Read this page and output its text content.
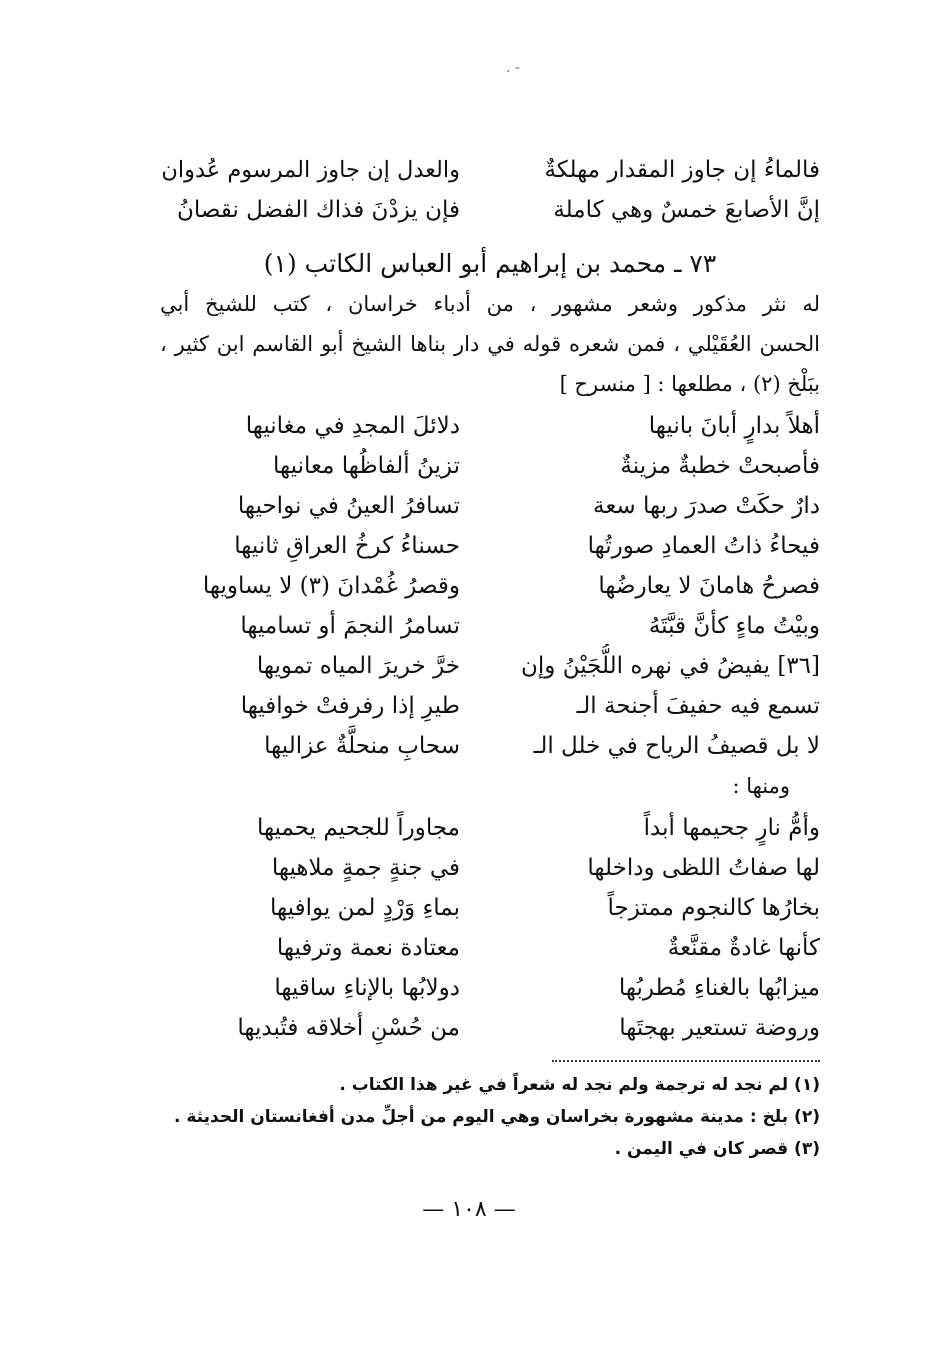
. -
فالماءُ إن جاوز المقدار مهلكةٌ
والعدل إن جاوز المرسوم عُدوان
إنَّ الأصابعَ خمسٌ وهي كاملة
فإن يزدْنَ فذاك الفضل نقصانُ
٧٣ ـ محمد بن إبراهيم أبو العباس الكاتب (١)
له نثر مذكور وشعر مشهور ، من أدباء خراسان ، كتب للشيخ أبي
الحسن العُقَيْلي ، فمن شعره قوله في دار بناها الشيخ أبو القاسم ابن كثير ،
ببَلْخ (٢) ، مطلعها : [ منسرح ]
أهلاً بدارٍ أبانَ بانيها
دلائلَ المجدِ في مغانيها
فأصبحتْ خطبةٌ مزينةٌ
تزينُ ألفاظُها معانيها
دارٌ حكَتْ صدرَ ربها سعة
تسافرُ العينُ في نواحيها
فيحاءُ ذاتُ العمادِ صورتُها
حسناءُ كرخُ العراقِ ثانيها
فصرحُ هامانَ لا يعارضُها
وقصرُ غُمْدانَ (٣) لا يساويها
وبيْتُ ماءٍ كأنَّ قبَّتَهُ
تسامرُ النجمَ أو تساميها
[٣٦] يفيضُ في نهره اللُّجَيْنُ وإن
خرَّ خريرَ المياه تمويها
تسمع فيه حفيفَ أجنحة الـ
طيرِ إذا رفرفتْ خوافيها
لا بل قصيفُ الرياح في خلل الـ
سحابِ منحلَّةٌ عزاليها
ومنها :
وأمُّ نارٍ جحيمها أبداً
مجاوراً للجحيم يحميها
لها صفاتُ اللظى وداخلها
في جنةٍ جمةٍ ملاهيها
بخارُها كالنجوم ممتزجاً
بماءِ وَرْدٍ لمن يوافيها
كأنها غادةٌ مقنَّعةٌ
معتادة نعمة وترفيها
ميزابُها بالغناءِ مُطربُها
دولابُها بالإناءِ ساقيها
وروضة تستعير بهجتَها
من حُسْنِ أخلاقه فتُبديها
(١) لم نجد له ترجمة ولم نجد له شعراً في غير هذا الكتاب .
(٢) بلخ : مدينة مشهورة بخراسان وهي اليوم من أجلِّ مدن أفغانستان الحديثة .
(٣) قصر كان في اليمن .
— ١٠٨ —
